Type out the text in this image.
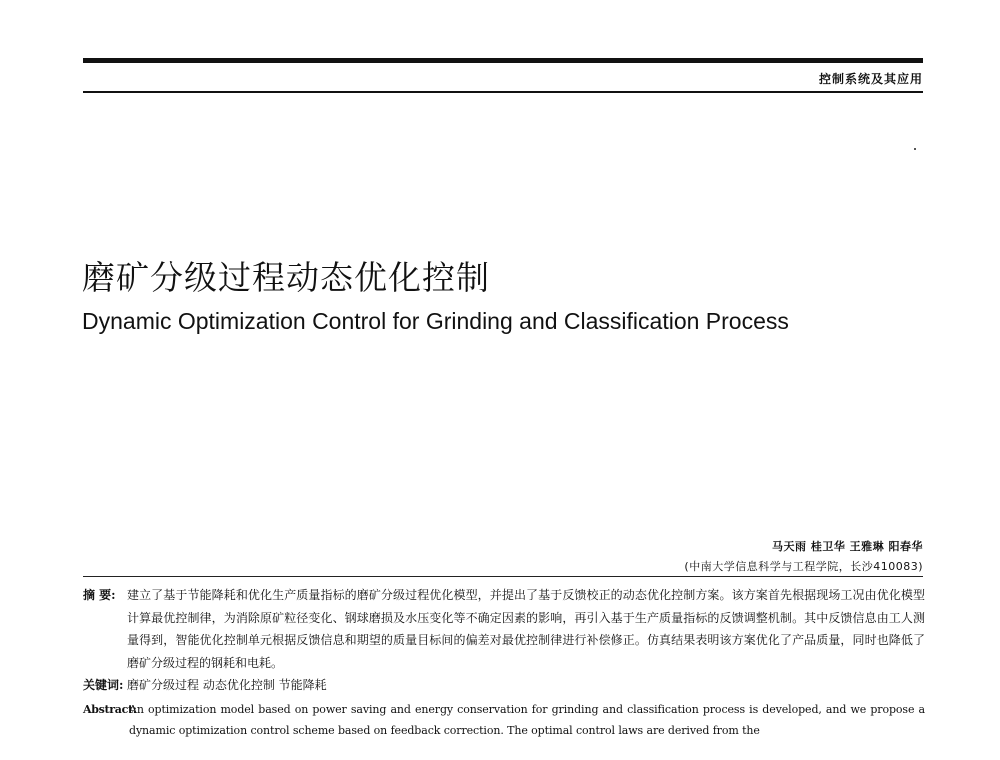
控制系统及其应用
磨矿分级过程动态优化控制
Dynamic Optimization Control for Grinding and Classification Process
马天雨 桂卫华 王雅琳 阳春华
(中南大学信息科学与工程学院，长沙410083)

摘 要: 建立了基于节能降耗和优化生产质量指标的磨矿分级过程优化模型，并提出了基于反馈校正的动态优化控制方案。该方案首先根据现场工况由优化模型计算最优控制律，为消除原矿粒径变化、钢球磨损及水压变化等不确定因素的影响，再引入基于生产质量指标的反馈调整机制。其中反馈信息由工人测量得到，智能优化控制单元根据反馈信息和期望的质量目标间的偏差对最优控制律进行补偿修正。仿真结果表明该方案优化了产品质量，同时也降低了磨矿分级过程的钢耗和电耗。

关键词: 磨矿分级过程 动态优化控制 节能降耗

Abstract:
An optimization model based on power saving and energy conservation for grinding and classification process is developed, and we propose a dynamic optimization control scheme based on feedback correction. The optimal control laws are derived from the
